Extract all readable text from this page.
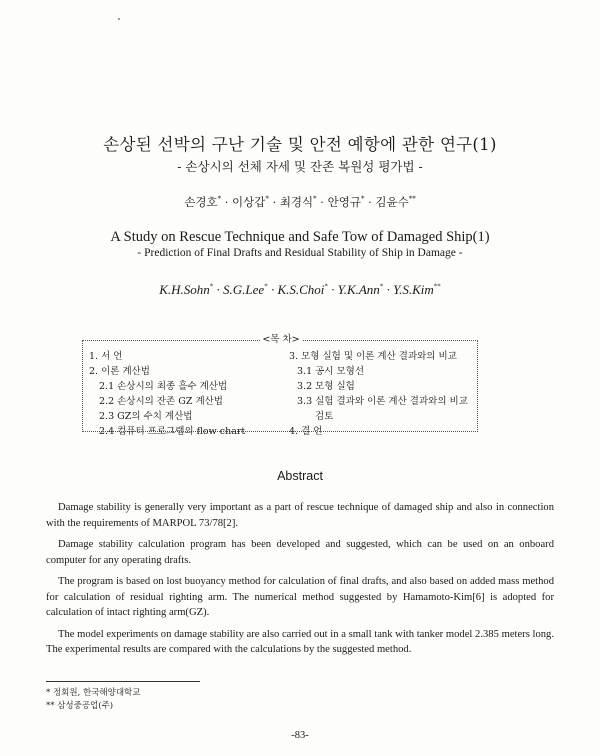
손상된 선박의 구난 기술 및 안전 예항에 관한 연구(1)
- 손상시의 선체 자세 및 잔존 복원성 평가법 -
손경호* · 이상갑* · 최경식* · 안영규* · 김윤수**
A Study on Rescue Technique and Safe Tow of Damaged Ship(1)
- Prediction of Final Drafts and Residual Stability of Ship in Damage -
K.H.Sohn* · S.G.Lee* · K.S.Choi* · Y.K.Ann* · Y.S.Kim**
<목 차>
1. 서 언
2. 이론 계산법
2.1 손상시의 최종 흘수 계산법
2.2 손상시의 잔존 GZ 계산법
2.3 GZ의 수치 계산법
2.4 컴퓨터 프로그램의 flow chart
3. 모형 실험 및 이론 계산 결과와의 비교
3.1 공시 모형선
3.2 모형 실험
3.3 실험 결과와 이론 계산 결과와의 비교
검토
4. 결 언
Abstract

Damage stability is generally very important as a part of rescue technique of damaged ship and also in connection with the requirements of MARPOL 73/78[2].

Damage stability calculation program has been developed and suggested, which can be used on an onboard computer for any operating drafts.

The program is based on lost buoyancy method for calculation of final drafts, and also based on added mass method for calculation of residual righting arm. The numerical method suggested by Hamamoto-Kim[6] is adopted for calculation of intact righting arm(GZ).

The model experiments on damage stability are also carried out in a small tank with tanker model 2.385 meters long. The experimental results are compared with the calculations by the suggested method.

* 정회원, 한국해양대학교
** 삼성중공업(주)
-83-
